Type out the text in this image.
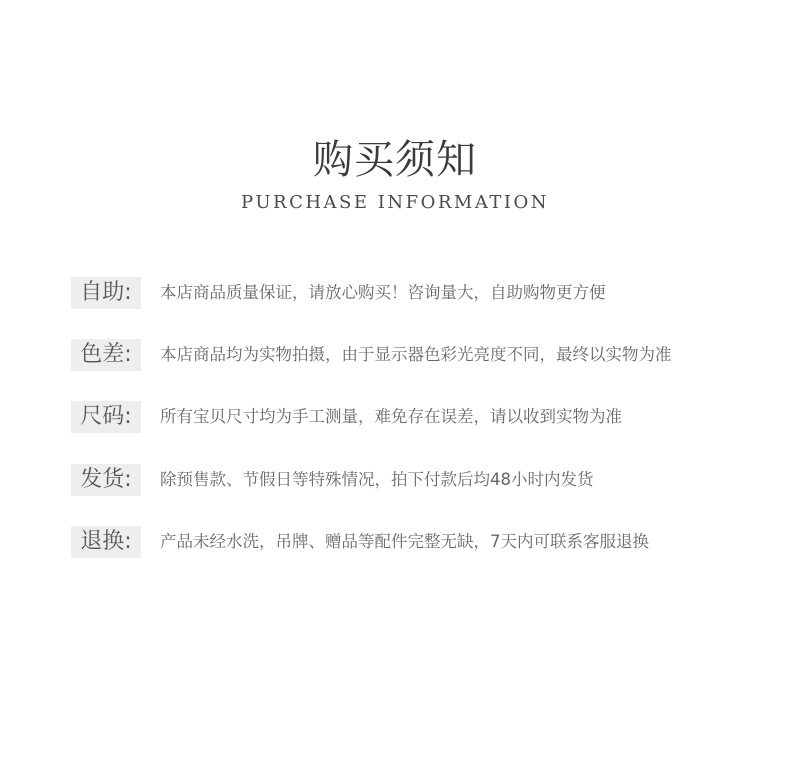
购买须知
PURCHASE INFORMATION
自助:	本店商品质量保证，请放心购买！咨询量大，自助购物更方便
色差:	本店商品均为实物拍摄，由于显示器色彩光亮度不同，最终以实物为准
尺码:	所有宝贝尺寸均为手工测量，难免存在误差，请以收到实物为准
发货:	除预售款、节假日等特殊情况，拍下付款后均48小时内发货
退换:	产品未经水洗，吊牌、赠品等配件完整无缺，7天内可联系客服退换
